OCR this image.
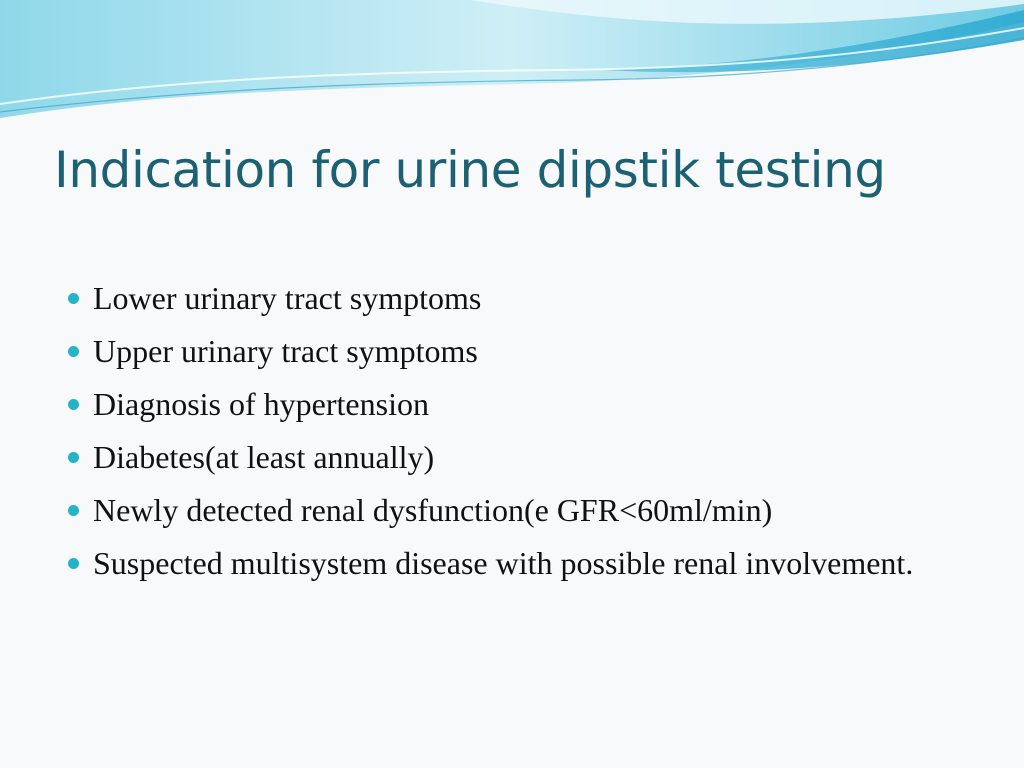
Indication for urine dipstik testing
Lower urinary tract symptoms
Upper urinary tract symptoms
Diagnosis of hypertension
Diabetes(at least annually)
Newly detected renal dysfunction(e GFR<60ml/min)
Suspected multisystem disease with possible renal involvement.
